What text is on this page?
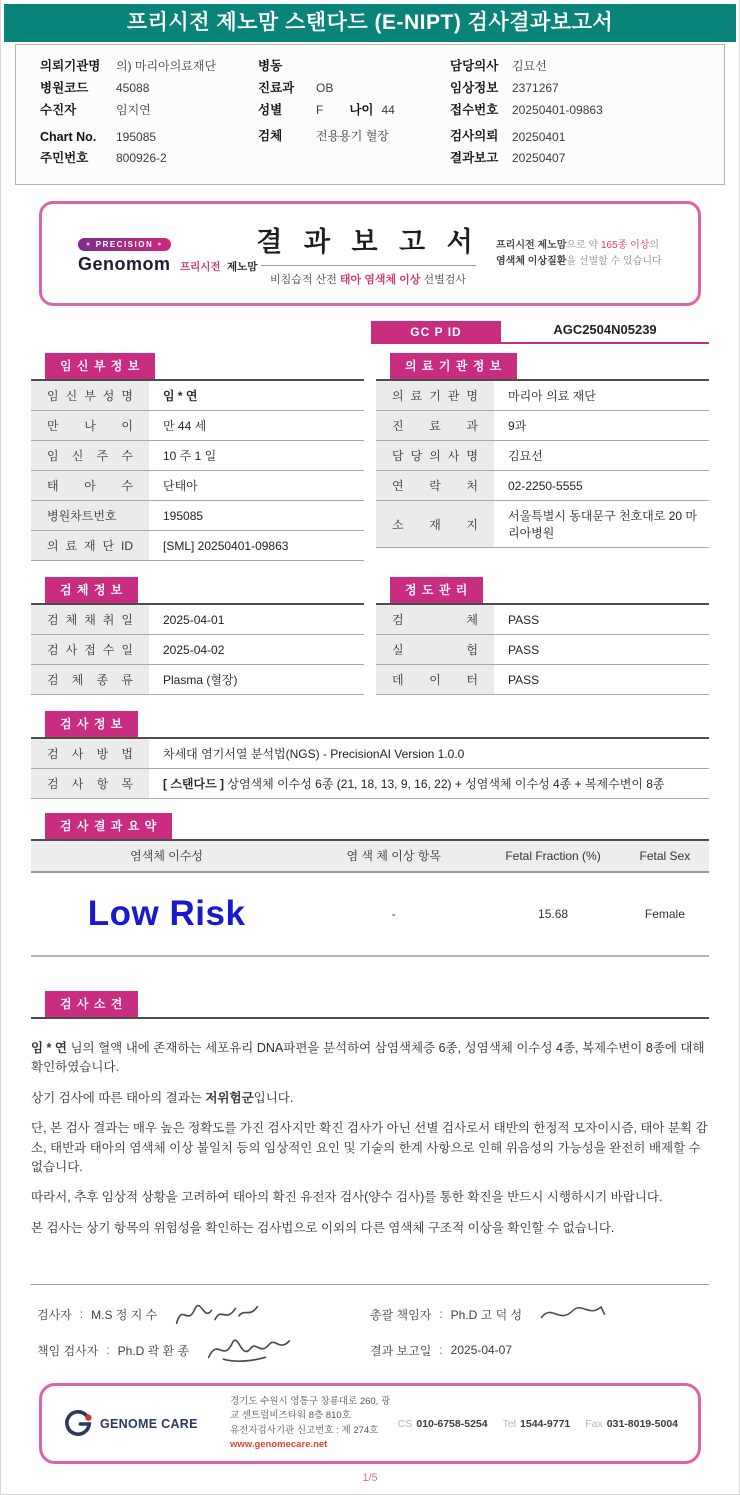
프리시전 제노맘 스탠다드 (E-NIPT) 검사결과보고서
의뢰기관명	의) 마리아의료재단
병원코드	45088
수진자	임지연
Chart No.	195085
주민번호	800926-2
병동
진료과	OB
성별	F 나이 44
검체	전용용기 혈장
담당의사	김묘선
임상정보	2371267
접수번호	20250401-09863
검사의뢰	20250401
결과보고	20250407
● PRECISION ●
Genomom 프리시전 제노맘
결 과 보 고 서
비침습적 산전 태아 염색체 이상 선별검사
프리시전 제노맘으로 약 165종 이상의
염색체 이상질환을 선별할 수 있습니다
GC P ID	AGC2504N05239
임 신 부 정 보
임 신 부 성 명	임 * 연
만 나 이	만 44 세
임 신 주 수	10 주 1 일
태 아 수	단태아
병원차트번호	195085
의 료 재 단 ID	[SML] 20250401-09863
의 료 기 관 정 보
의 료 기 관 명	마리아 의료 재단
진 료 과	9과
담 당 의 사 명	김묘선
연 락 처	02-2250-5555
소 재 지	서울특별시 동대문구 천호대로 20 마리아병원
검 체 정 보
검 체 채 취 일	2025-04-01
검 사 접 수 일	2025-04-02
검 체 종 류	Plasma (혈장)
정 도 관 리
검 체	PASS
실 험	PASS
데 이 터	PASS
검 사 정 보
검 사 방 법	차세대 염기서열 분석법(NGS) - PrecisionAI Version 1.0.0
검 사 항 목	[ 스탠다드 ] 상염색체 이수성 6종 (21, 18, 13, 9, 16, 22) + 성염색체 이수성 4종 + 복제수변이 8종
검 사 결 과 요 약
염색체 이수성	염 색 체 이상 항목	Fetal Fraction (%)	Fetal Sex
Low Risk	-	15.68	Female
검 사 소 견

임 * 연 님의 혈액 내에 존재하는 세포유리 DNA파편을 분석하여 삼염색체증 6종, 성염색체 이수성 4종, 복제수변이 8종에 대해 확인하였습니다.

상기 검사에 따른 태아의 결과는 저위험군입니다.

단, 본 검사 결과는 매우 높은 정확도를 가진 검사지만 확진 검사가 아닌 선별 검사로서 태반의 한정적 모자이시즘, 태아 분획 감소, 태반과 태아의 염색체 이상 불일치 등의 임상적인 요인 및 기술의 한계 사항으로 인해 위음성의 가능성을 완전히 배제할 수 없습니다.

따라서, 추후 임상적 상황을 고려하여 태아의 확진 유전자 검사(양수 검사)를 통한 확진을 반드시 시행하시기 바랍니다.

본 검사는 상기 항목의 위험성을 확인하는 검사법으로 이외의 다른 염색체 구조적 이상을 확인할 수 없습니다.

검사자 : M.S 정 지 수
책임 검사자 : Ph.D 곽 환 종
총괄 책임자 : Ph.D 고 덕 성
결과 보고일 : 2025-04-07
GENOME CARE
경기도 수원시 영통구 창룡대로 260, 광교 센트럴비즈타워 8층 810호
유전자검사기관 신고번호 : 제 274호
www.genomecare.net
CS 010-6758-5254 Tel 1544-9771 Fax 031-8019-5004
1/5
